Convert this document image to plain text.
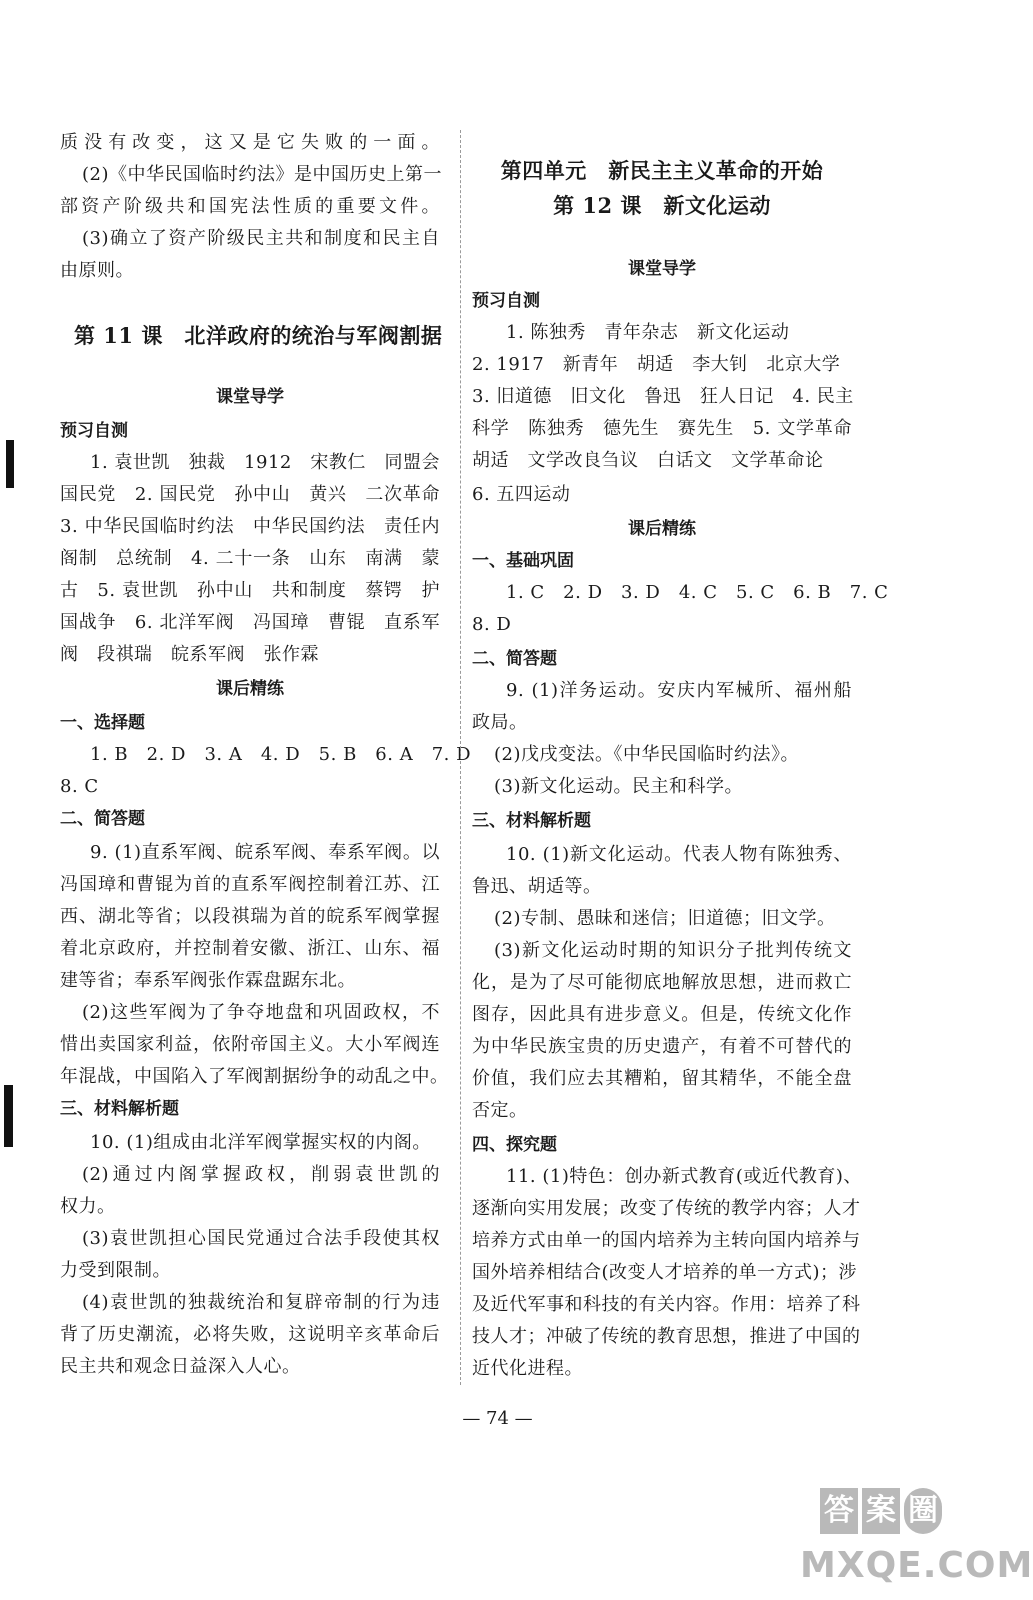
质没有改变，这又是它失败的一面。
(2)《中华民国临时约法》是中国历史上第一
部资产阶级共和国宪法性质的重要文件。
(3)确立了资产阶级民主共和制度和民主自
由原则。
第 11 课　北洋政府的统治与军阀割据
课堂导学
预习自测
1. 袁世凯　独裁　1912　宋教仁　同盟会
国民党　2. 国民党　孙中山　黄兴　二次革命
3. 中华民国临时约法　中华民国约法　责任内
阁制　总统制　4. 二十一条　山东　南满　蒙
古　5. 袁世凯　孙中山　共和制度　蔡锷　护
国战争　6. 北洋军阀　冯国璋　曹锟　直系军
阀　段祺瑞　皖系军阀　张作霖
课后精练
一、选择题
1. B　2. D　3. A　4. D　5. B　6. A　7. D
8. C
二、简答题
9. (1)直系军阀、皖系军阀、奉系军阀。以
冯国璋和曹锟为首的直系军阀控制着江苏、江
西、湖北等省；以段祺瑞为首的皖系军阀掌握
着北京政府，并控制着安徽、浙江、山东、福
建等省；奉系军阀张作霖盘踞东北。
(2)这些军阀为了争夺地盘和巩固政权，不
惜出卖国家利益，依附帝国主义。大小军阀连
年混战，中国陷入了军阀割据纷争的动乱之中。
三、材料解析题
10. (1)组成由北洋军阀掌握实权的内阁。
(2)通过内阁掌握政权，削弱袁世凯的
权力。
(3)袁世凯担心国民党通过合法手段使其权
力受到限制。
(4)袁世凯的独裁统治和复辟帝制的行为违
背了历史潮流，必将失败，这说明辛亥革命后
民主共和观念日益深入人心。
第四单元　新民主主义革命的开始
第 12 课　新文化运动
课堂导学
预习自测
1. 陈独秀　青年杂志　新文化运动
2. 1917　新青年　胡适　李大钊　北京大学
3. 旧道德　旧文化　鲁迅　狂人日记　4. 民主
科学　陈独秀　德先生　赛先生　5. 文学革命
胡适　文学改良刍议　白话文　文学革命论
6. 五四运动
课后精练
一、基础巩固
1. C　2. D　3. D　4. C　5. C　6. B　7. C
8. D
二、简答题
9. (1)洋务运动。安庆内军械所、福州船
政局。
(2)戊戌变法。《中华民国临时约法》。
(3)新文化运动。民主和科学。
三、材料解析题
10. (1)新文化运动。代表人物有陈独秀、
鲁迅、胡适等。
(2)专制、愚昧和迷信；旧道德；旧文学。
(3)新文化运动时期的知识分子批判传统文
化，是为了尽可能彻底地解放思想，进而救亡
图存，因此具有进步意义。但是，传统文化作
为中华民族宝贵的历史遗产，有着不可替代的
价值，我们应去其糟粕，留其精华，不能全盘
否定。
四、探究题
11. (1)特色：创办新式教育(或近代教育)、
逐渐向实用发展；改变了传统的教学内容；人才
培养方式由单一的国内培养为主转向国内培养与
国外培养相结合(改变人才培养的单一方式)；涉
及近代军事和科技的有关内容。作用：培养了科
技人才；冲破了传统的教育思想，推进了中国的
近代化进程。
— 74 —
答 案 圈
MXQE.COM
